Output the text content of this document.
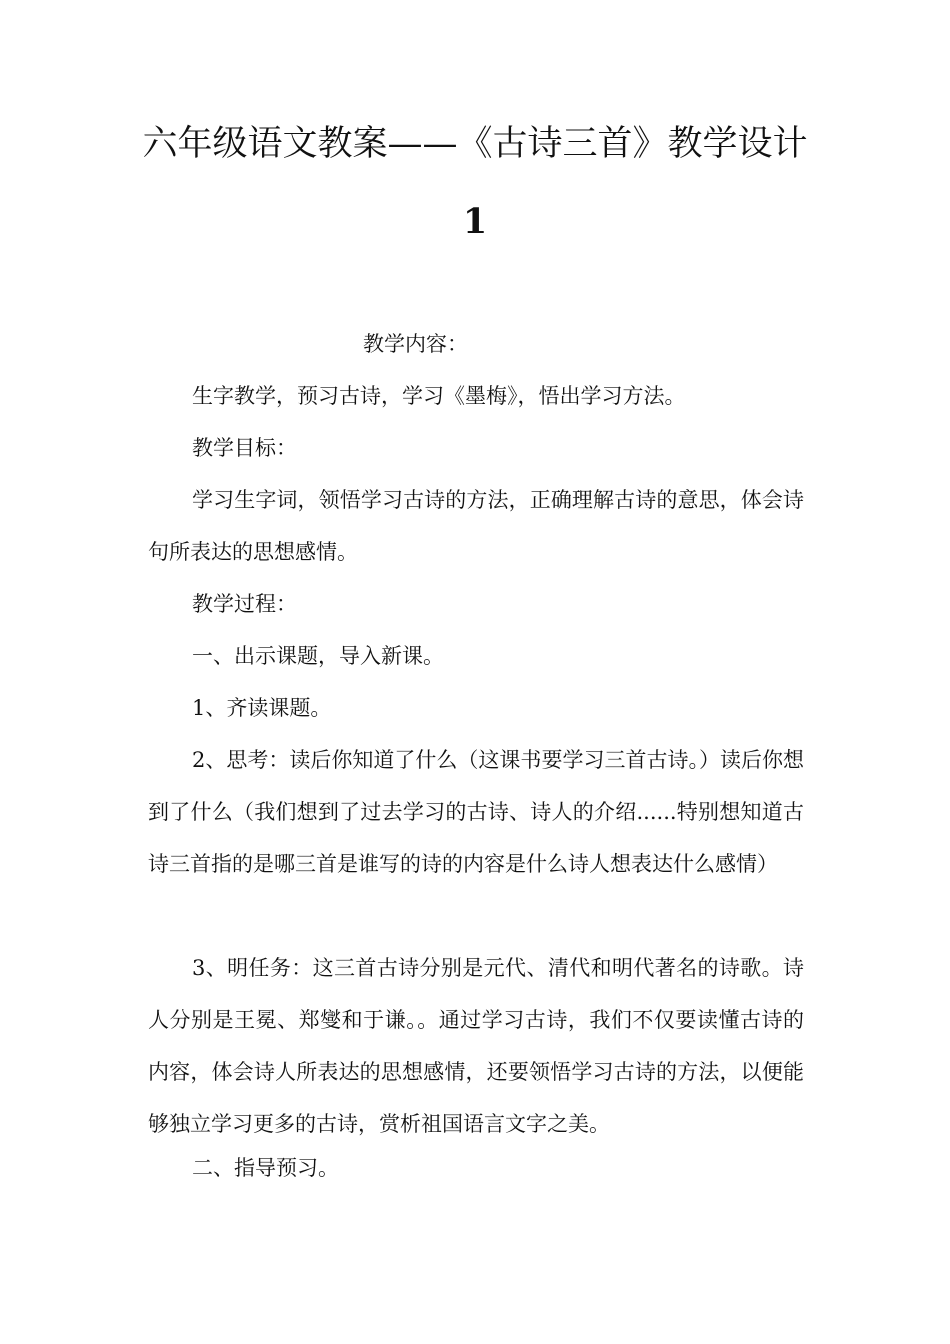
六年级语文教案——《古诗三首》教学设计
1
教学内容：

生字教学，预习古诗，学习《墨梅》，悟出学习方法。

教学目标：

学习生字词，领悟学习古诗的方法，正确理解古诗的意思，体会诗句所表达的思想感情。

教学过程：

一、出示课题，导入新课。

1、齐读课题。

2、思考：读后你知道了什么（这课书要学习三首古诗。）读后你想到了什么（我们想到了过去学习的古诗、诗人的介绍......特别想知道古诗三首指的是哪三首是谁写的诗的内容是什么诗人想表达什么感情）

3、明任务：这三首古诗分别是元代、清代和明代著名的诗歌。诗人分别是王冕、郑燮和于谦。。通过学习古诗，我们不仅要读懂古诗的内容，体会诗人所表达的思想感情，还要领悟学习古诗的方法，以便能够独立学习更多的古诗，赏析祖国语言文字之美。

二、指导预习。
